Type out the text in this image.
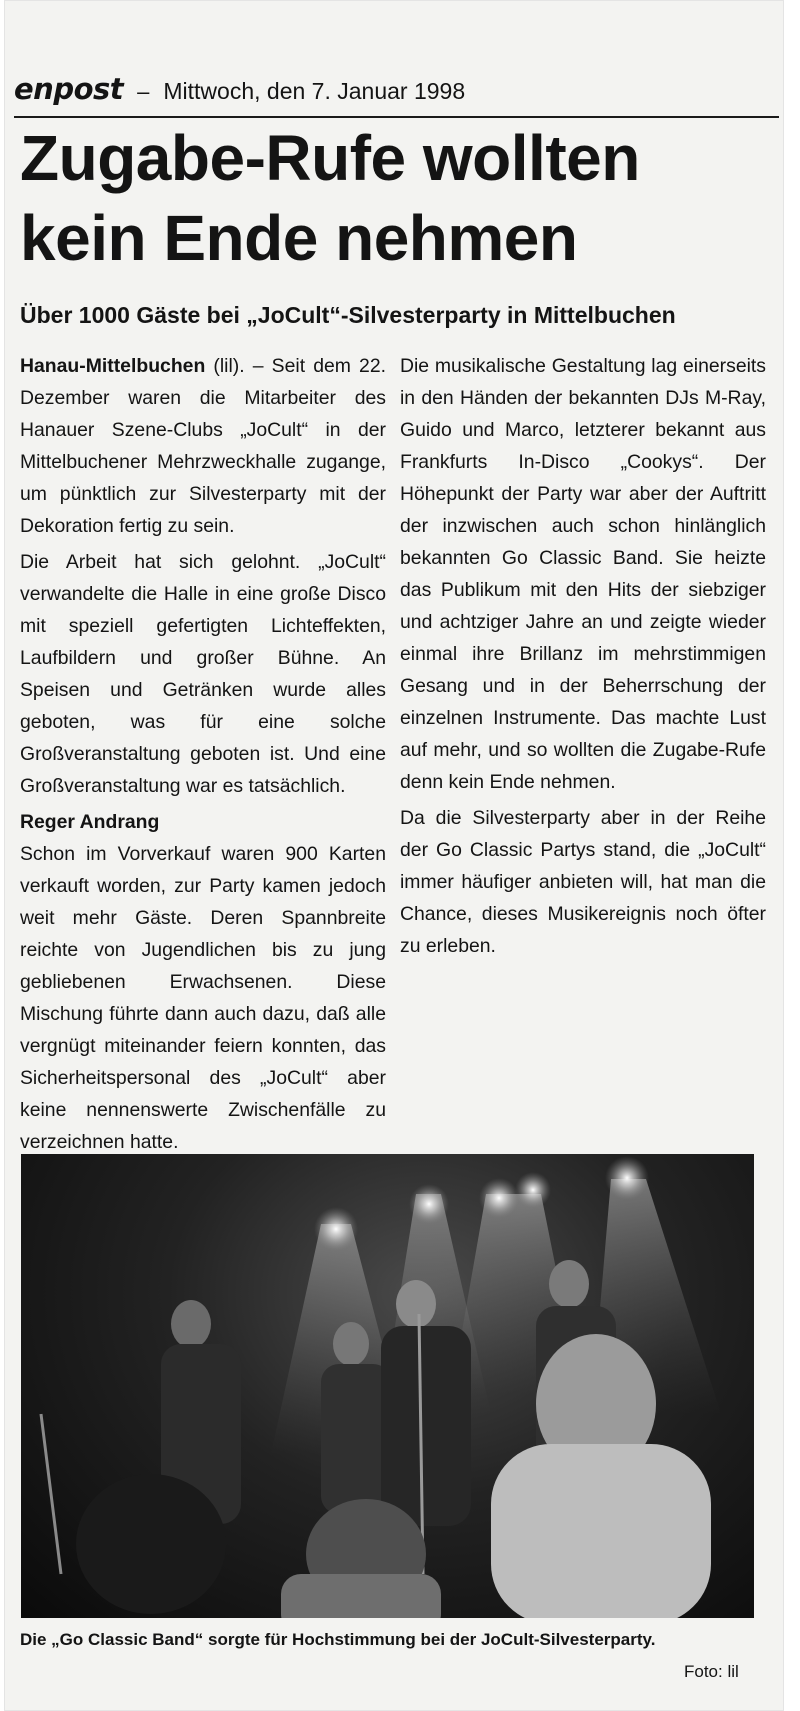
enpost – Mittwoch, den 7. Januar 1998
Zugabe-Rufe wollten kein Ende nehmen
Über 1000 Gäste bei „JoCult“-Silvesterparty in Mittelbuchen

Hanau-Mittelbuchen (lil). – Seit dem 22. Dezember waren die Mitarbeiter des Hanauer Szene-Clubs „JoCult“ in der Mittelbuchener Mehrzweckhalle zugange, um pünktlich zur Silvesterparty mit der Dekoration fertig zu sein.

Die Arbeit hat sich gelohnt. „JoCult“ verwandelte die Halle in eine große Disco mit speziell gefertigten Lichteffekten, Laufbildern und großer Bühne. An Speisen und Getränken wurde alles geboten, was für eine solche Großveranstaltung geboten ist. Und eine Großveranstaltung war es tatsächlich.

Reger Andrang

Schon im Vorverkauf waren 900 Karten verkauft worden, zur Party kamen jedoch weit mehr Gäste. Deren Spannbreite reichte von Jugendlichen bis zu jung gebliebenen Erwachsenen. Diese Mischung führte dann auch dazu, daß alle vergnügt miteinander feiern konnten, das Sicherheitspersonal des „JoCult“ aber keine nennenswerte Zwischenfälle zu verzeichnen hatte.

Die musikalische Gestaltung lag einerseits in den Händen der bekannten DJs M-Ray, Guido und Marco, letzterer bekannt aus Frankfurts In-Disco „Cookys“. Der Höhepunkt der Party war aber der Auftritt der inzwischen auch schon hinlänglich bekannten Go Classic Band. Sie heizte das Publikum mit den Hits der siebziger und achtziger Jahre an und zeigte wieder einmal ihre Brillanz im mehrstimmigen Gesang und in der Beherrschung der einzelnen Instrumente. Das machte Lust auf mehr, und so wollten die Zugabe-Rufe denn kein Ende nehmen.

Da die Silvesterparty aber in der Reihe der Go Classic Partys stand, die „JoCult“ immer häufiger anbieten will, hat man die Chance, dieses Musikereignis noch öfter zu erleben.

Die „Go Classic Band“ sorgte für Hochstimmung bei der JoCult-Silvesterparty.

Foto: lil
